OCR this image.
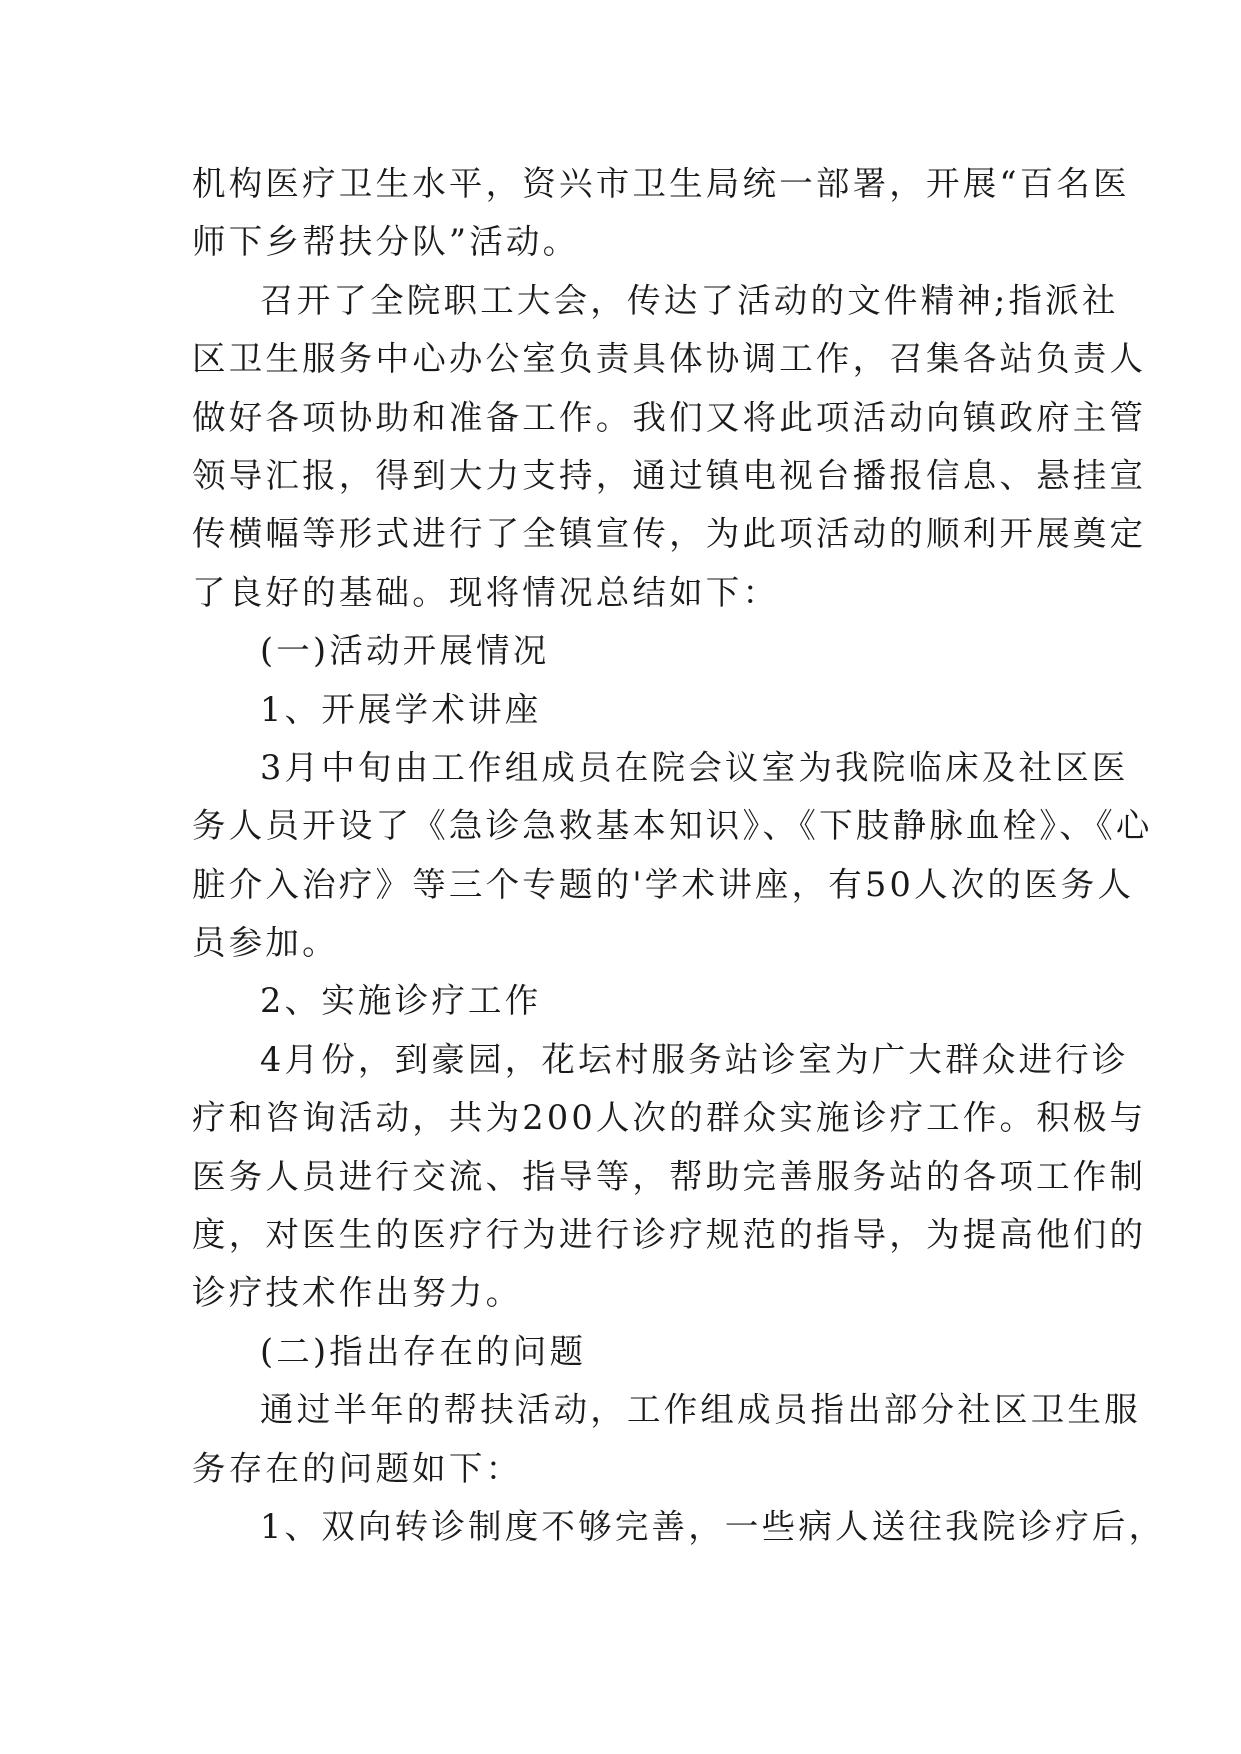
机构医疗卫生水平，资兴市卫生局统一部署，开展“百名医
师下乡帮扶分队”活动。
召开了全院职工大会，传达了活动的文件精神;指派社
区卫生服务中心办公室负责具体协调工作，召集各站负责人
做好各项协助和准备工作。我们又将此项活动向镇政府主管
领导汇报，得到大力支持，通过镇电视台播报信息、悬挂宣
传横幅等形式进行了全镇宣传，为此项活动的顺利开展奠定
了良好的基础。现将情况总结如下：
(一)活动开展情况
1、开展学术讲座
3月中旬由工作组成员在院会议室为我院临床及社区医
务人员开设了《急诊急救基本知识》、《下肢静脉血栓》、《心
脏介入治疗》等三个专题的'学术讲座，有50人次的医务人
员参加。
2、实施诊疗工作
4月份，到豪园，花坛村服务站诊室为广大群众进行诊
疗和咨询活动，共为200人次的群众实施诊疗工作。积极与
医务人员进行交流、指导等，帮助完善服务站的各项工作制
度，对医生的医疗行为进行诊疗规范的指导，为提高他们的
诊疗技术作出努力。
(二)指出存在的问题
通过半年的帮扶活动，工作组成员指出部分社区卫生服
务存在的问题如下：
1、双向转诊制度不够完善，一些病人送往我院诊疗后，
